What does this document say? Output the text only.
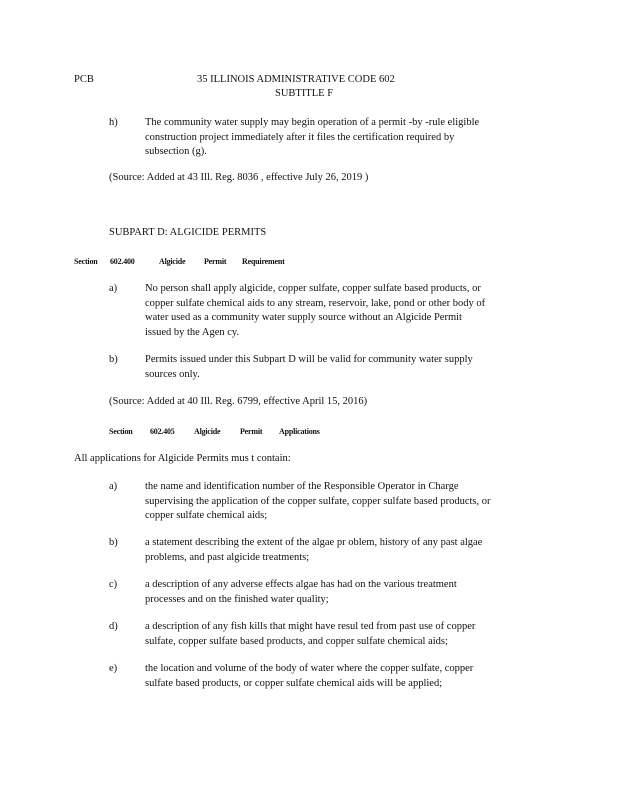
PCB	35 ILLINOIS ADMINISTRATIVE CODE 602
SUBTITLE F
h)	The community water supply may begin operation of a permit -by -rule eligible
construction project immediately after it files the certification required by
subsection (g).
(Source: Added at 43 Ill. Reg. 8036 , effective July 26, 2019 )
SUBPART D: ALGICIDE PERMITS
Section 602.400	Algicide Permit Requirement
a)	No person shall apply algicide, copper sulfate, copper sulfate based products, or
copper sulfate chemical aids to any stream, reservoir, lake, pond or other body of
water used as a community water supply source without an Algicide Permit
issued by the Agen cy.
b)	Permits issued under this Subpart D will be valid for community water supply
sources only.
(Source: Added at 40 Ill. Reg. 6799, effective April 15, 2016)
Section 602.405 Algicide Permit Applications
All applications for Algicide Permits mus t contain:
a)	the name and identification number of the Responsible Operator in Charge
supervising the application of the copper sulfate, copper sulfate based products, or
copper sulfate chemical aids;
b)	a statement describing the extent of the algae pr oblem, history of any past algae
problems, and past algicide treatments;
c)	a description of any adverse effects algae has had on the various treatment
processes and on the finished water quality;
d)	a description of any fish kills that might have resul ted from past use of copper
sulfate, copper sulfate based products, and copper sulfate chemical aids;
e)	the location and volume of the body of water where the copper sulfate, copper
sulfate based products, or copper sulfate chemical aids will be applied;
